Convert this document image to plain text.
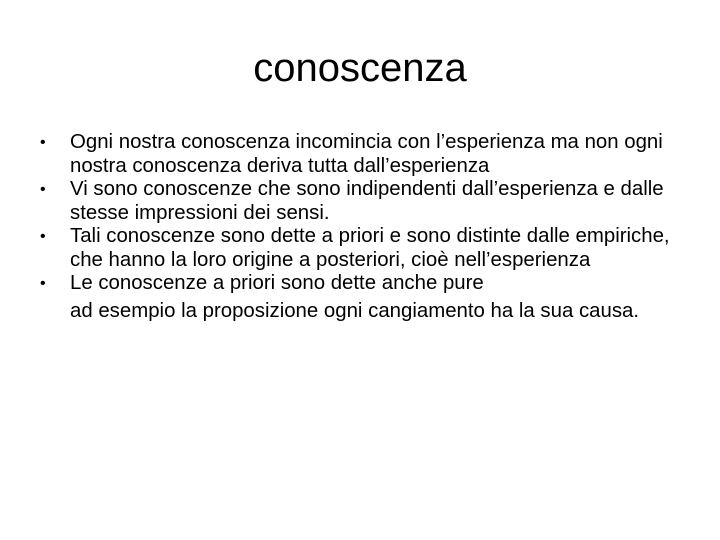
conoscenza
•	Ogni nostra conoscenza incomincia con l’esperienza ma non ogni nostra conoscenza deriva tutta dall’esperienza
•	Vi sono conoscenze che sono indipendenti dall’esperienza e dalle stesse impressioni dei sensi.
•	Tali conoscenze sono dette a priori e sono distinte dalle empiriche, che hanno la loro origine a posteriori, cioè nell’esperienza
•	Le conoscenze a priori sono dette anche pure
ad esempio la proposizione ogni cangiamento ha la sua causa.
